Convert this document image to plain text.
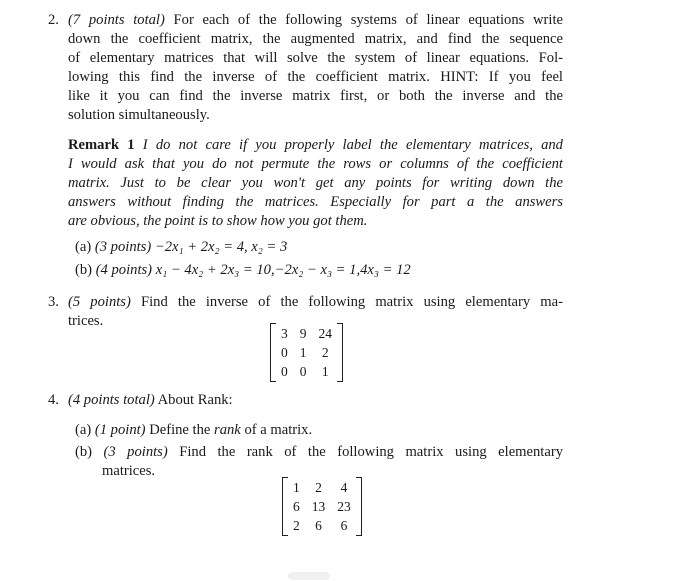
2. (7 points total) For each of the following systems of linear equations write
down the coefficient matrix, the augmented matrix, and find the sequence
of elementary matrices that will solve the system of linear equations. Fol-
lowing this find the inverse of the coefficient matrix. HINT: If you feel
like it you can find the inverse matrix first, or both the inverse and the
solution simultaneously.
Remark 1 I do not care if you properly label the elementary matrices, and
I would ask that you do not permute the rows or columns of the coefficient
matrix. Just to be clear you won't get any points for writing down the
answers without finding the matrices. Especially for part a the answers
are obvious, the point is to show how you got them.
(a) (3 points) −2x₁ + 2x₂ = 4, x₂ = 3
(b) (4 points) x₁ − 4x₂ + 2x₃ = 10,−2x₂ − x₃ = 1,4x₃ = 12
3. (5 points) Find the inverse of the following matrix using elementary ma-
trices.
3	9	24
0	1	2
0	0	1
4. (4 points total) About Rank:
(a) (1 point) Define the rank of a matrix.
(b) (3 points) Find the rank of the following matrix using elementary
matrices.
1	2	4
6	13	23
2	6	6
